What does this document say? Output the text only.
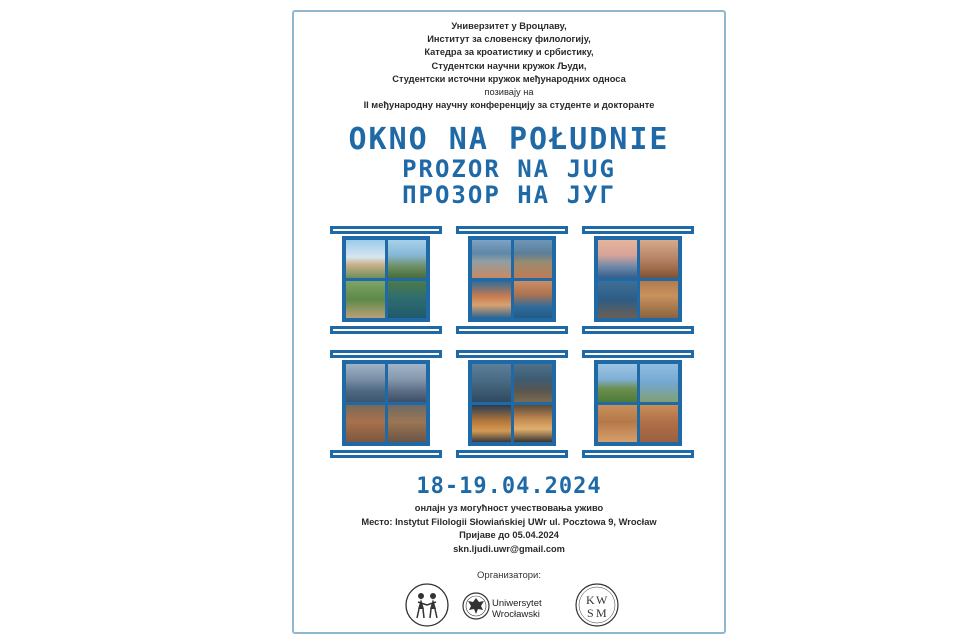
Универзитет у Вроцлаву,
Институт за словенску филологију,
Катедра за кроатистику и србистику,
Студентски научни кружок Људи,
Студентски источни кружок међународних односа
позивају на
II међународну научну конференцију за студенте и докторанте
OKNO NA POŁUDNIE
PROZOR NA JUG
ПРОЗОР НА ЈУГ
18-19.04.2024
онлајн уз могућност учествовања уживо
Место: Instytut Filologii Słowiańskiej UWr ul. Pocztowa 9, Wrocław
Пријаве до 05.04.2024
skn.ljudi.uwr@gmail.com
Организатори:
Uniwersytet
Wrocławski
K W
S M
